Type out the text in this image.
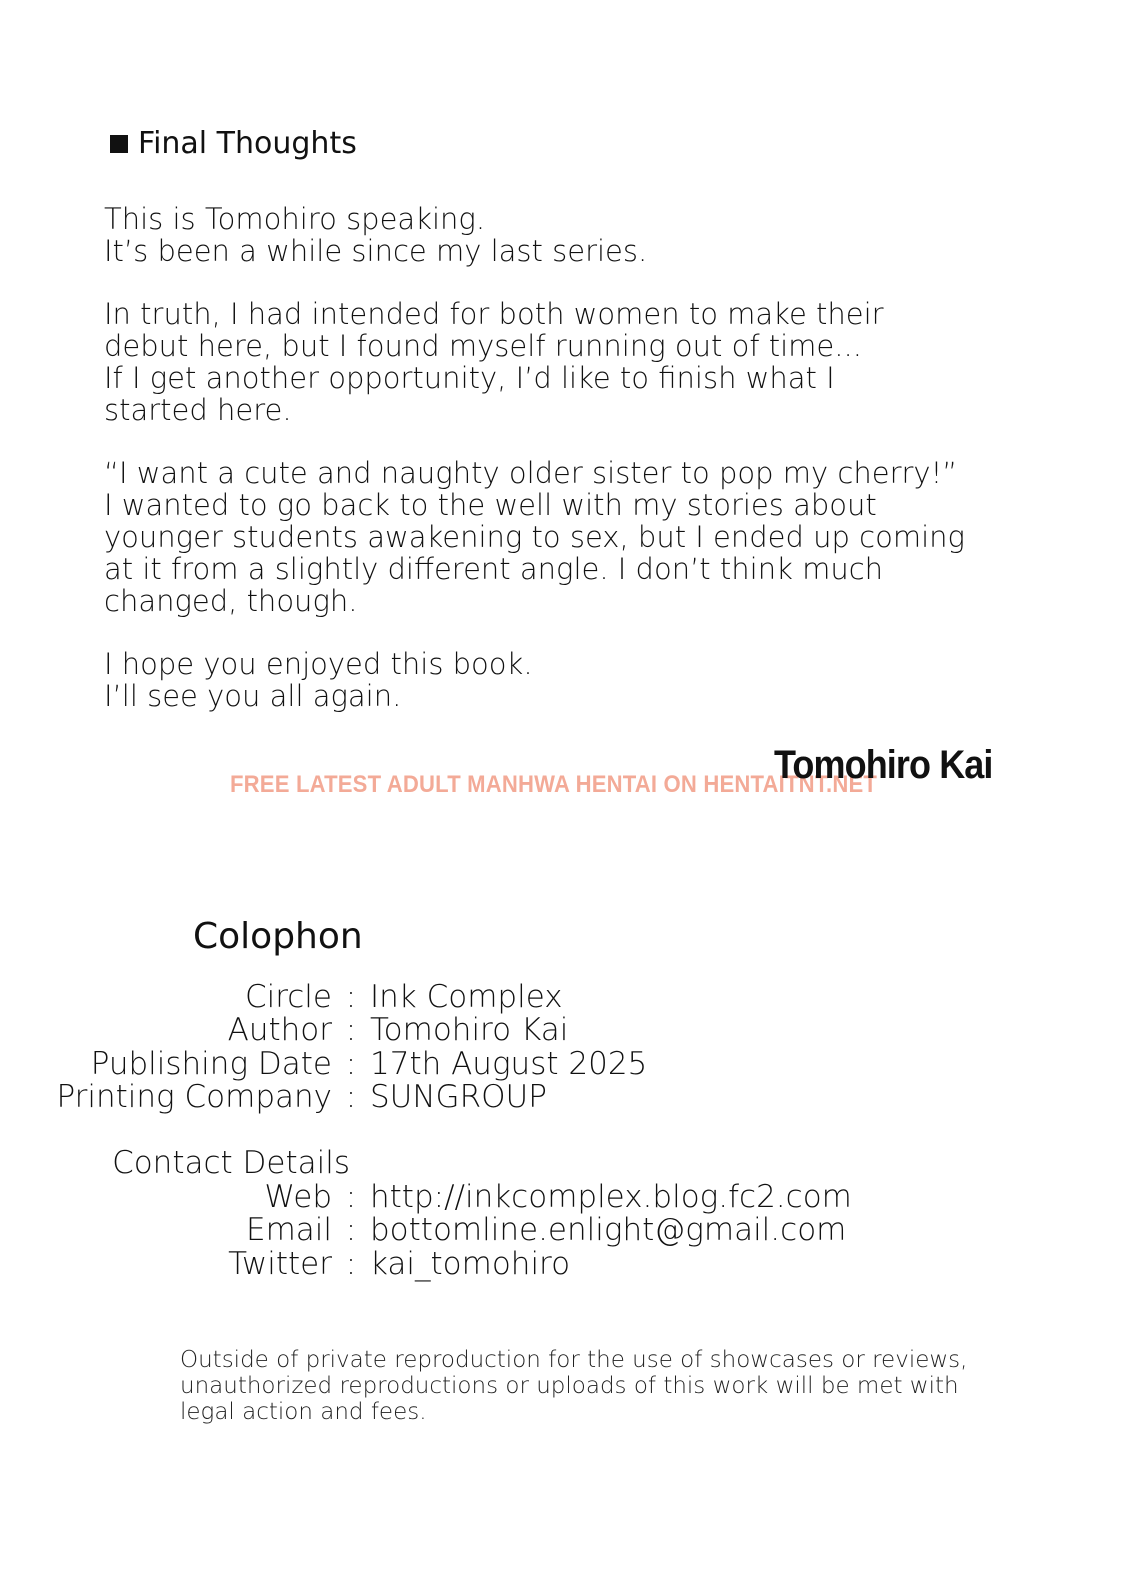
Final Thoughts

This is Tomohiro speaking.
It’s been a while since my last series.

In truth, I had intended for both women to make their
debut here, but I found myself running out of time...
If I get another opportunity, I’d like to finish what I
started here.

“I want a cute and naughty older sister to pop my cherry!”
I wanted to go back to the well with my stories about
younger students awakening to sex, but I ended up coming
at it from a slightly different angle. I don’t think much
changed, though.

I hope you enjoyed this book.
I’ll see you all again.

FREE LATEST ADULT MANHWA HENTAI ON HENTAITNT.NET
Tomohiro Kai
Colophon
Circle : Ink Complex
Author : Tomohiro Kai
Publishing Date : 17th August 2025
Printing Company : SUNGROUP
Contact Details
Web : http://inkcomplex.blog.fc2.com
Email : bottomline.enlight@gmail.com
Twitter : kai_tomohiro
Outside of private reproduction for the use of showcases or reviews,
unauthorized reproductions or uploads of this work will be met with
legal action and fees.
